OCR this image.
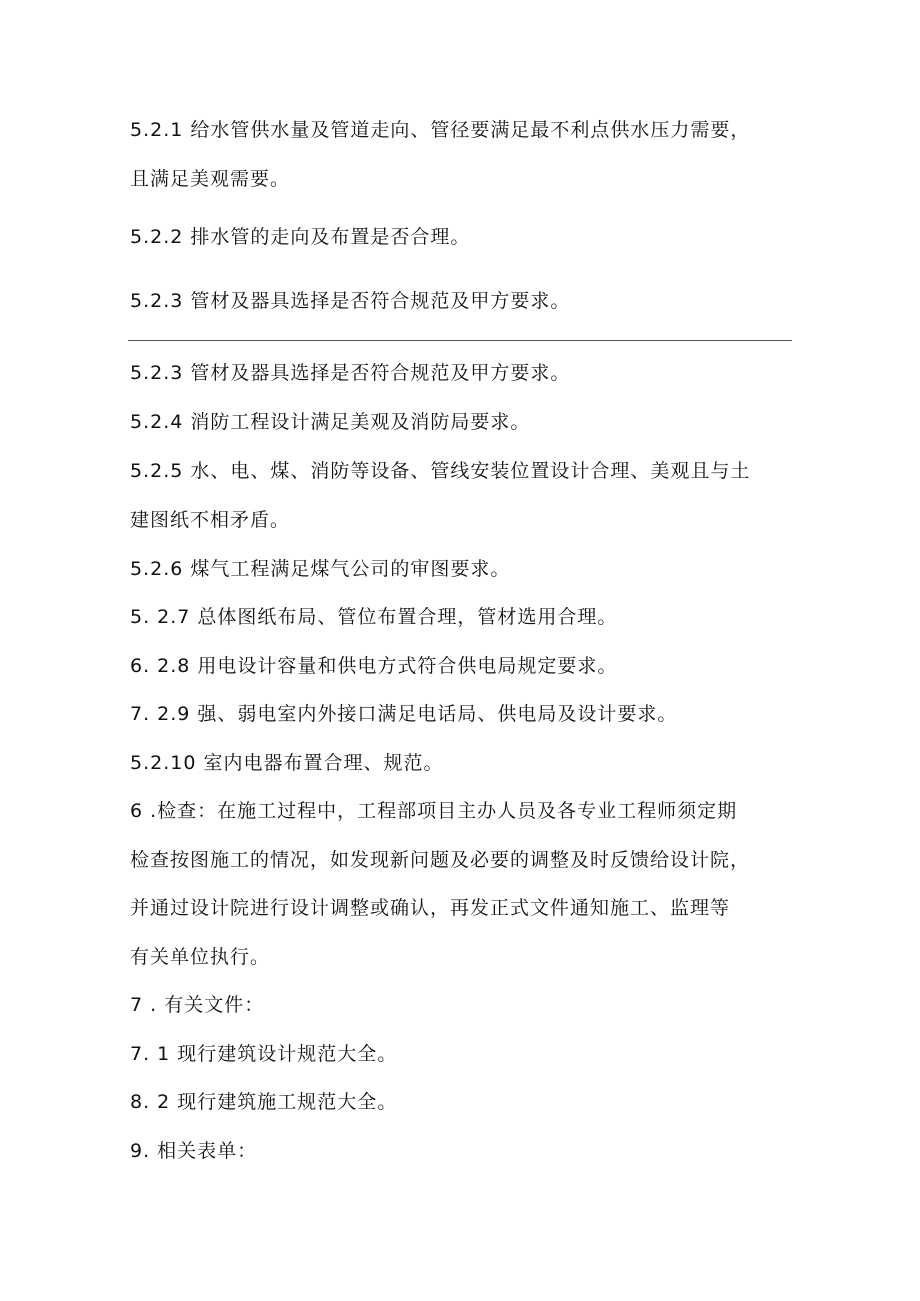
5.2.1 给水管供水量及管道走向、管径要满足最不利点供水压力需要，
且满足美观需要。
5.2.2 排水管的走向及布置是否合理。
5.2.3 管材及器具选择是否符合规范及甲方要求。
5.2.3 管材及器具选择是否符合规范及甲方要求。
5.2.4 消防工程设计满足美观及消防局要求。
5.2.5 水、电、煤、消防等设备、管线安装位置设计合理、美观且与土
建图纸不相矛盾。
5.2.6 煤气工程满足煤气公司的审图要求。
5. 2.7 总体图纸布局、管位布置合理，管材选用合理。
6. 2.8 用电设计容量和供电方式符合供电局规定要求。
7. 2.9 强、弱电室内外接口满足电话局、供电局及设计要求。
5.2.10 室内电器布置合理、规范。
6 .检查：在施工过程中，工程部项目主办人员及各专业工程师须定期
检查按图施工的情况，如发现新问题及必要的调整及时反馈给设计院，
并通过设计院进行设计调整或确认，再发正式文件通知施工、监理等
有关单位执行。
7 . 有关文件：
7. 1 现行建筑设计规范大全。
8. 2 现行建筑施工规范大全。
9. 相关表单：
